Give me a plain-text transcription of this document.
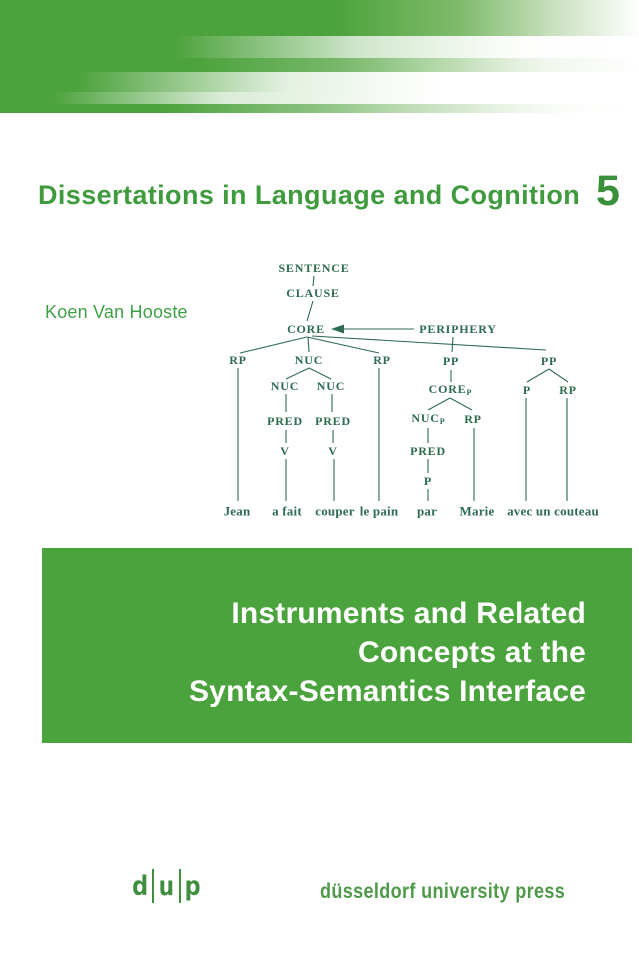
Dissertations in Language and Cognition 5
Koen Van Hooste
SENTENCE
CLAUSE
CORE	PERIPHERY
RP	NUC	RP	PP	PP
NUC NUC	$CORE_P$	P RP
PRED PRED	$NUC_P$ RP
V	V	PRED
P
Jean a fait couper le pain par Marie avec un couteau
Instruments and Related
Concepts at the
Syntax-Semantics Interface
d u p	düsseldorf university press
